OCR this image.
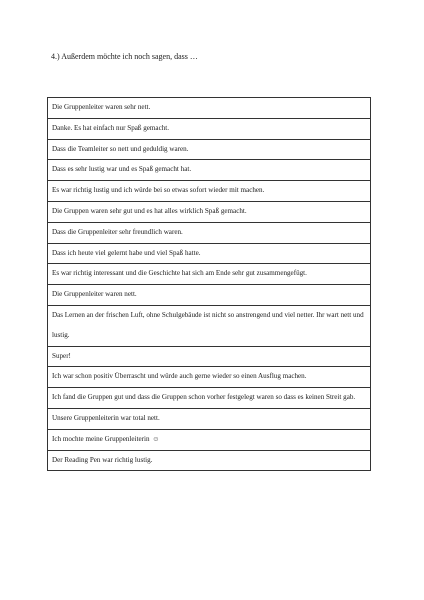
4.) Außerdem möchte ich noch sagen, dass …
Die Gruppenleiter waren sehr nett.
Danke. Es hat einfach nur Spaß gemacht.
Dass die Teamleiter so nett und geduldig waren.
Dass es sehr lustig war und es Spaß gemacht hat.
Es war richtig lustig und ich würde bei so etwas sofort wieder mit machen.
Die Gruppen waren sehr gut und es hat alles wirklich Spaß gemacht.
Dass die Gruppenleiter sehr freundlich waren.
Dass ich heute viel gelernt habe und viel Spaß hatte.
Es war richtig interessant und die Geschichte hat sich am Ende sehr gut zusammengefügt.
Die Gruppenleiter waren nett.
Das Lernen an der frischen Luft, ohne Schulgebäude ist nicht so anstrengend und viel netter. Ihr wart nett und lustig.
Super!
Ich war schon positiv Überrascht und würde auch gerne wieder so einen Ausflug machen.
Ich fand die Gruppen gut und dass die Gruppen schon vorher festgelegt waren so dass es keinen Streit gab.
Unsere Gruppenleiterin war total nett.
Ich mochte meine Gruppenleiterin ☺
Der Reading Pen war richtig lustig.
